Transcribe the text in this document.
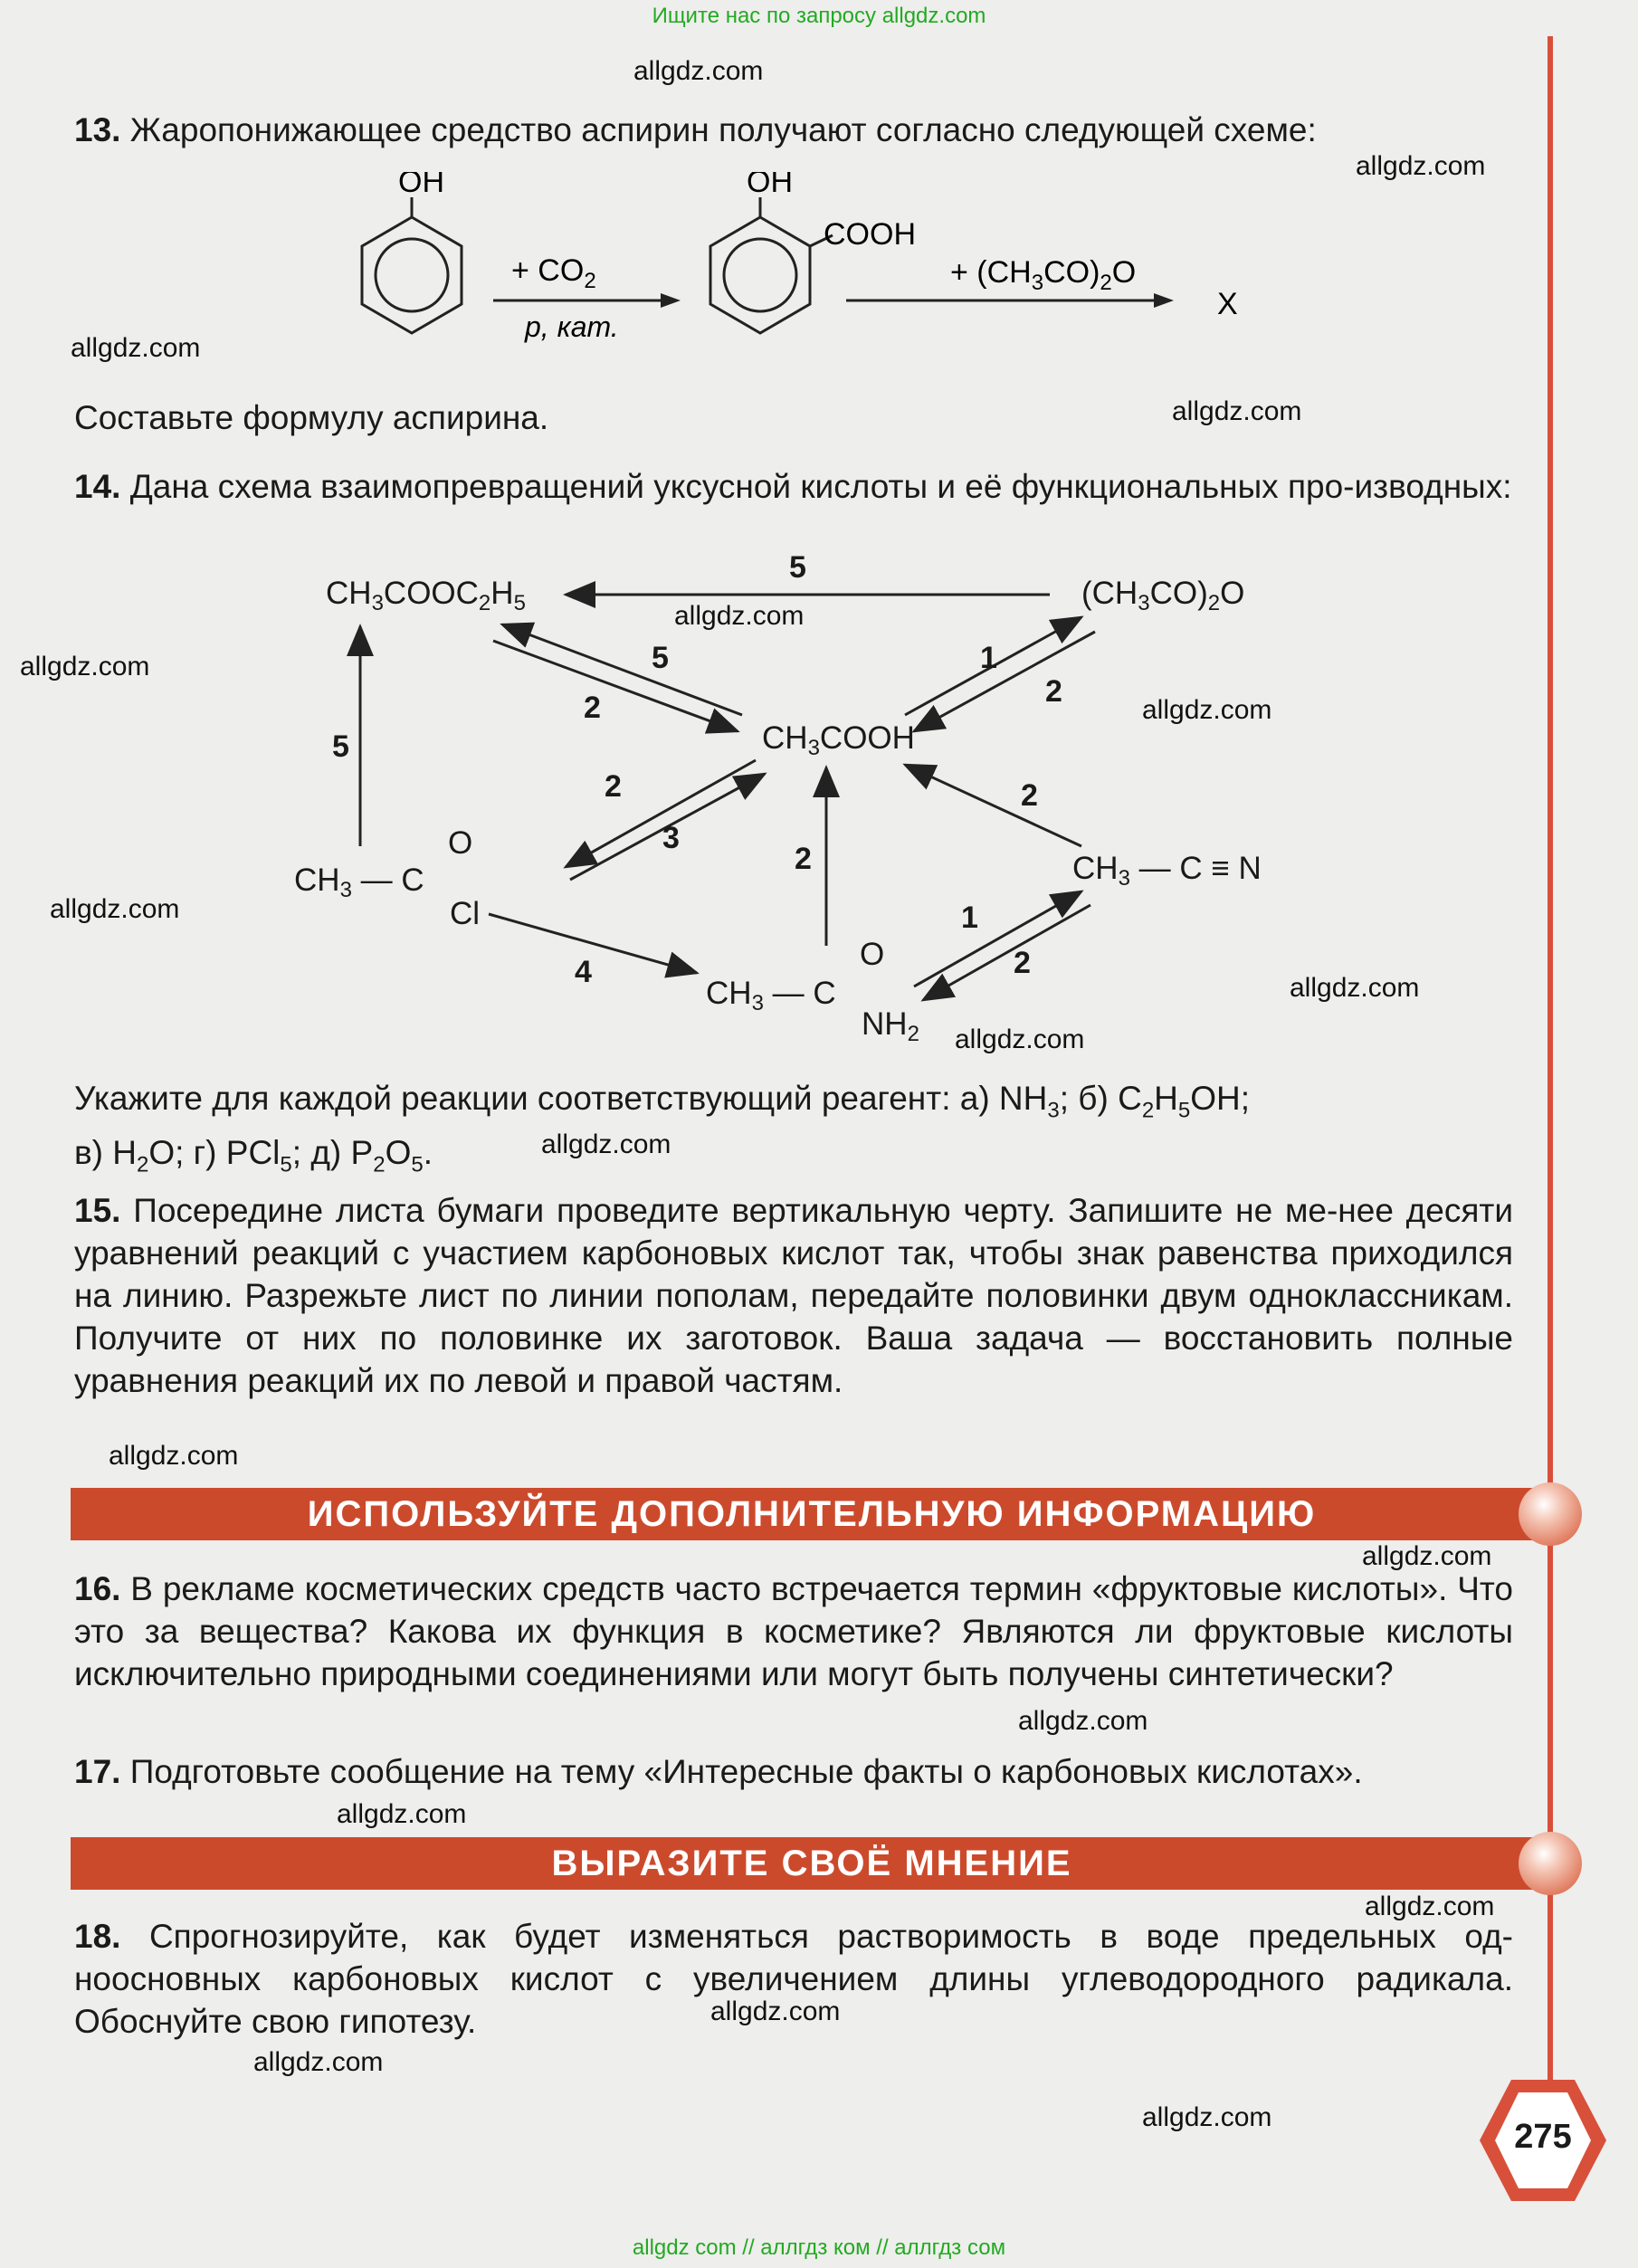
Ищите нас по запросу allgdz.com
13. Жаропонижающее средство аспирин получают согласно следующей схеме:
OH
+ $CO_2$
р, кат.
OH
COOH
+ $(CH_3CO)_2O$
X
Составьте формулу аспирина.
14. Дана схема взаимопревращений уксусной кислоты и её функциональных про-изводных:
$CH_3COOC_2H_5$	$(CH_3CO)_2O$
$CH_3COOH$
$CH_3$ — C ≡ N
$CH_3$ — C
O
Cl
$CH_3$ — C
O
$NH_2$
5
5
2
1
2
5
2
3
2
2
1
2
4
Укажите для каждой реакции соответствующий реагент: а) $NH_3$; б) $C_2H_5OH$;
в) $H_2O$; г) PCl$_5$; д) $P_2O_5$.
15. Посередине листа бумаги проведите вертикальную черту. Запишите не ме-нее десяти уравнений реакций с участием карбоновых кислот так, чтобы знак равенства приходился на линию. Разрежьте лист по линии пополам, передайте половинки двум одноклассникам. Получите от них по половинке их заготовок. Ваша задача — восстановить полные уравнения реакций их по левой и правой частям.
ИСПОЛЬЗУЙТЕ ДОПОЛНИТЕЛЬНУЮ ИНФОРМАЦИЮ
16. В рекламе косметических средств часто встречается термин «фруктовые кислоты». Что это за вещества? Какова их функция в косметике? Являются ли фруктовые кислоты исключительно природными соединениями или могут быть получены синтетически?
17. Подготовьте сообщение на тему «Интересные факты о карбоновых кислотах».
ВЫРАЗИТЕ СВОЁ МНЕНИЕ
18. Спрогнозируйте, как будет изменяться растворимость в воде предельных од-ноосновных карбоновых кислот с увеличением длины углеводородного радикала. Обоснуйте свою гипотезу.
275
allgdz.com
allgdz.com
allgdz.com
allgdz.com
allgdz.com
allgdz.com
allgdz.com
allgdz.com
allgdz.com
allgdz.com
allgdz.com
allgdz.com
allgdz.com
allgdz.com
allgdz.com
allgdz.com
allgdz.com
allgdz.com
allgdz.com
allgdz com // аллгдз ком // аллгдз сом
